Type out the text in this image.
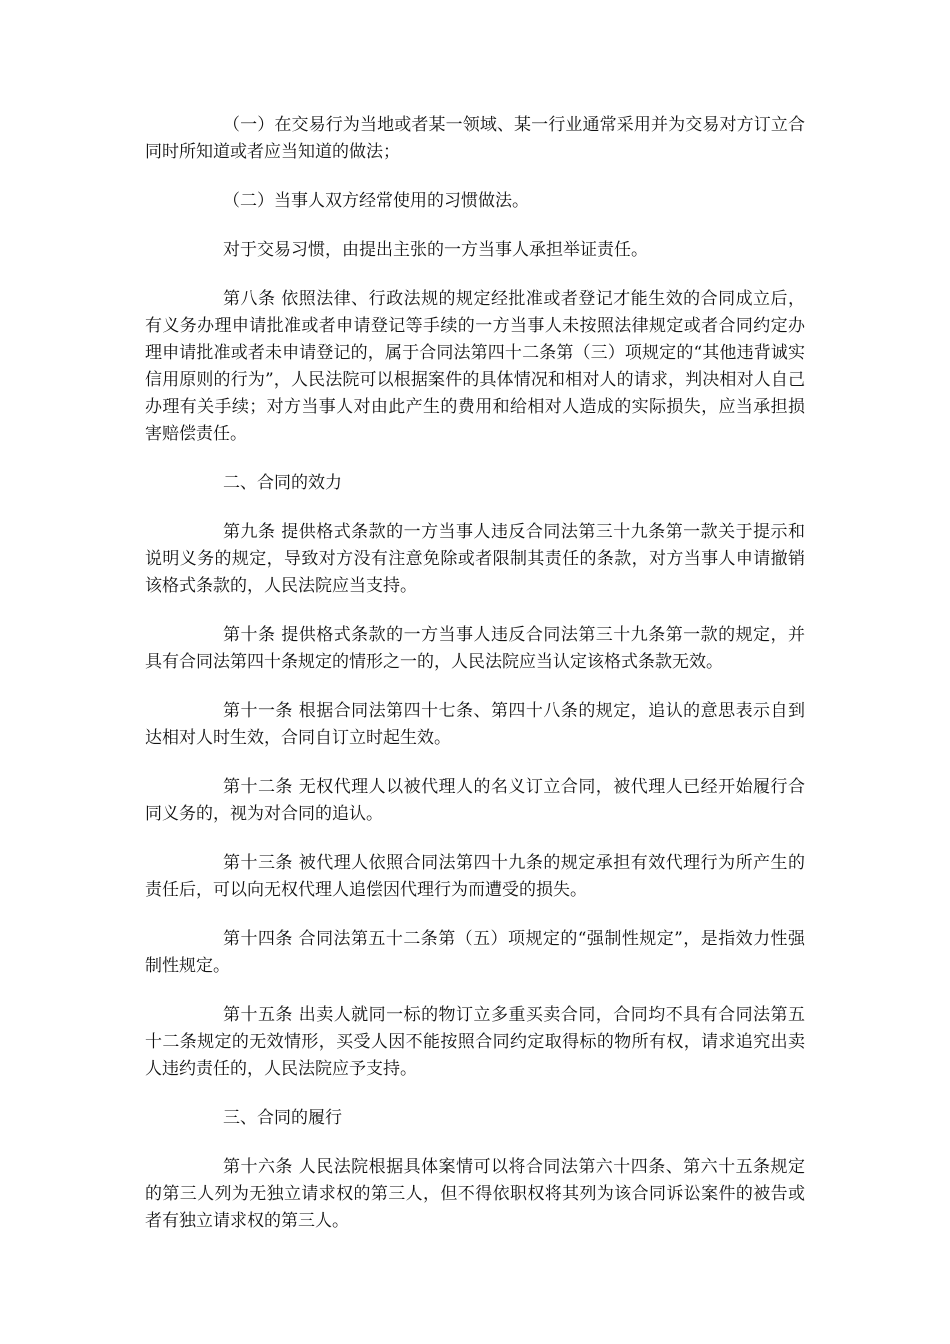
（一）在交易行为当地或者某一领域、某一行业通常采用并为交易对方订立合同时所知道或者应当知道的做法；

（二）当事人双方经常使用的习惯做法。

对于交易习惯，由提出主张的一方当事人承担举证责任。

第八条 依照法律、行政法规的规定经批准或者登记才能生效的合同成立后，有义务办理申请批准或者申请登记等手续的一方当事人未按照法律规定或者合同约定办理申请批准或者未申请登记的，属于合同法第四十二条第（三）项规定的“其他违背诚实信用原则的行为”，人民法院可以根据案件的具体情况和相对人的请求，判决相对人自己办理有关手续；对方当事人对由此产生的费用和给相对人造成的实际损失，应当承担损害赔偿责任。

二、合同的效力

第九条 提供格式条款的一方当事人违反合同法第三十九条第一款关于提示和说明义务的规定，导致对方没有注意免除或者限制其责任的条款，对方当事人申请撤销该格式条款的，人民法院应当支持。

第十条 提供格式条款的一方当事人违反合同法第三十九条第一款的规定，并具有合同法第四十条规定的情形之一的，人民法院应当认定该格式条款无效。

第十一条 根据合同法第四十七条、第四十八条的规定，追认的意思表示自到达相对人时生效，合同自订立时起生效。

第十二条 无权代理人以被代理人的名义订立合同，被代理人已经开始履行合同义务的，视为对合同的追认。

第十三条 被代理人依照合同法第四十九条的规定承担有效代理行为所产生的责任后，可以向无权代理人追偿因代理行为而遭受的损失。

第十四条 合同法第五十二条第（五）项规定的“强制性规定”，是指效力性强制性规定。

第十五条 出卖人就同一标的物订立多重买卖合同，合同均不具有合同法第五十二条规定的无效情形，买受人因不能按照合同约定取得标的物所有权，请求追究出卖人违约责任的，人民法院应予支持。

三、合同的履行

第十六条 人民法院根据具体案情可以将合同法第六十四条、第六十五条规定的第三人列为无独立请求权的第三人，但不得依职权将其列为该合同诉讼案件的被告或者有独立请求权的第三人。
